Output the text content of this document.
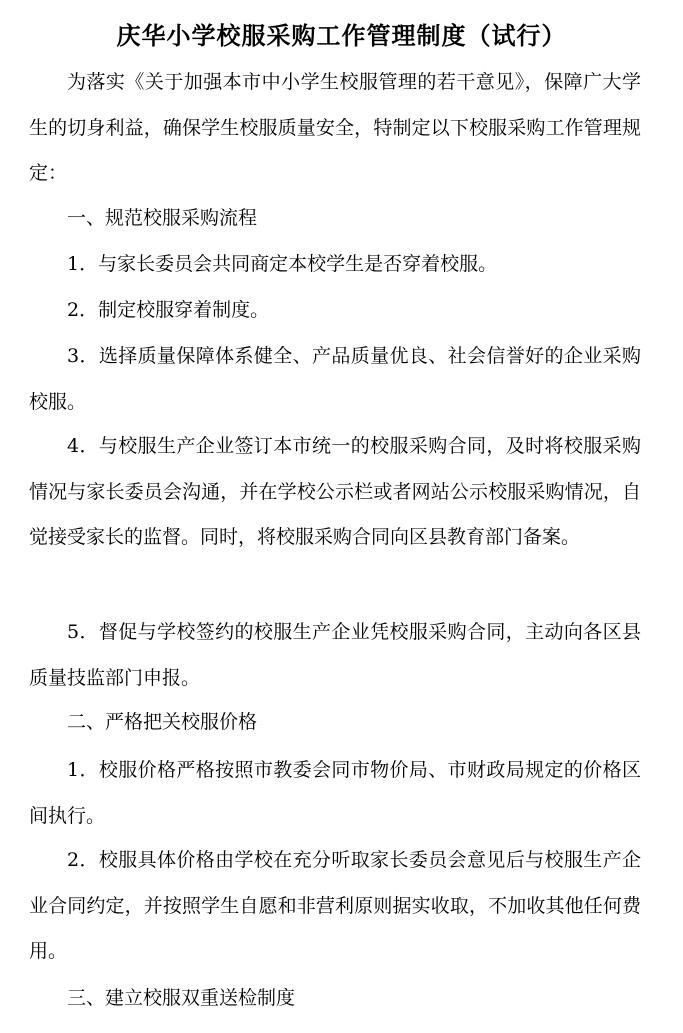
庆华小学校服采购工作管理制度（试行）

为落实《关于加强本市中小学生校服管理的若干意见》，保障广大学生的切身利益，确保学生校服质量安全，特制定以下校服采购工作管理规定：

一、规范校服采购流程

1．与家长委员会共同商定本校学生是否穿着校服。

2．制定校服穿着制度。

3．选择质量保障体系健全、产品质量优良、社会信誉好的企业采购校服。

4．与校服生产企业签订本市统一的校服采购合同，及时将校服采购情况与家长委员会沟通，并在学校公示栏或者网站公示校服采购情况，自觉接受家长的监督。同时，将校服采购合同向区县教育部门备案。

5．督促与学校签约的校服生产企业凭校服采购合同，主动向各区县质量技监部门申报。

二、严格把关校服价格

1．校服价格严格按照市教委会同市物价局、市财政局规定的价格区间执行。

2．校服具体价格由学校在充分听取家长委员会意见后与校服生产企业合同约定，并按照学生自愿和非营利原则据实收取，不加收其他任何费用。

三、建立校服双重送检制度
